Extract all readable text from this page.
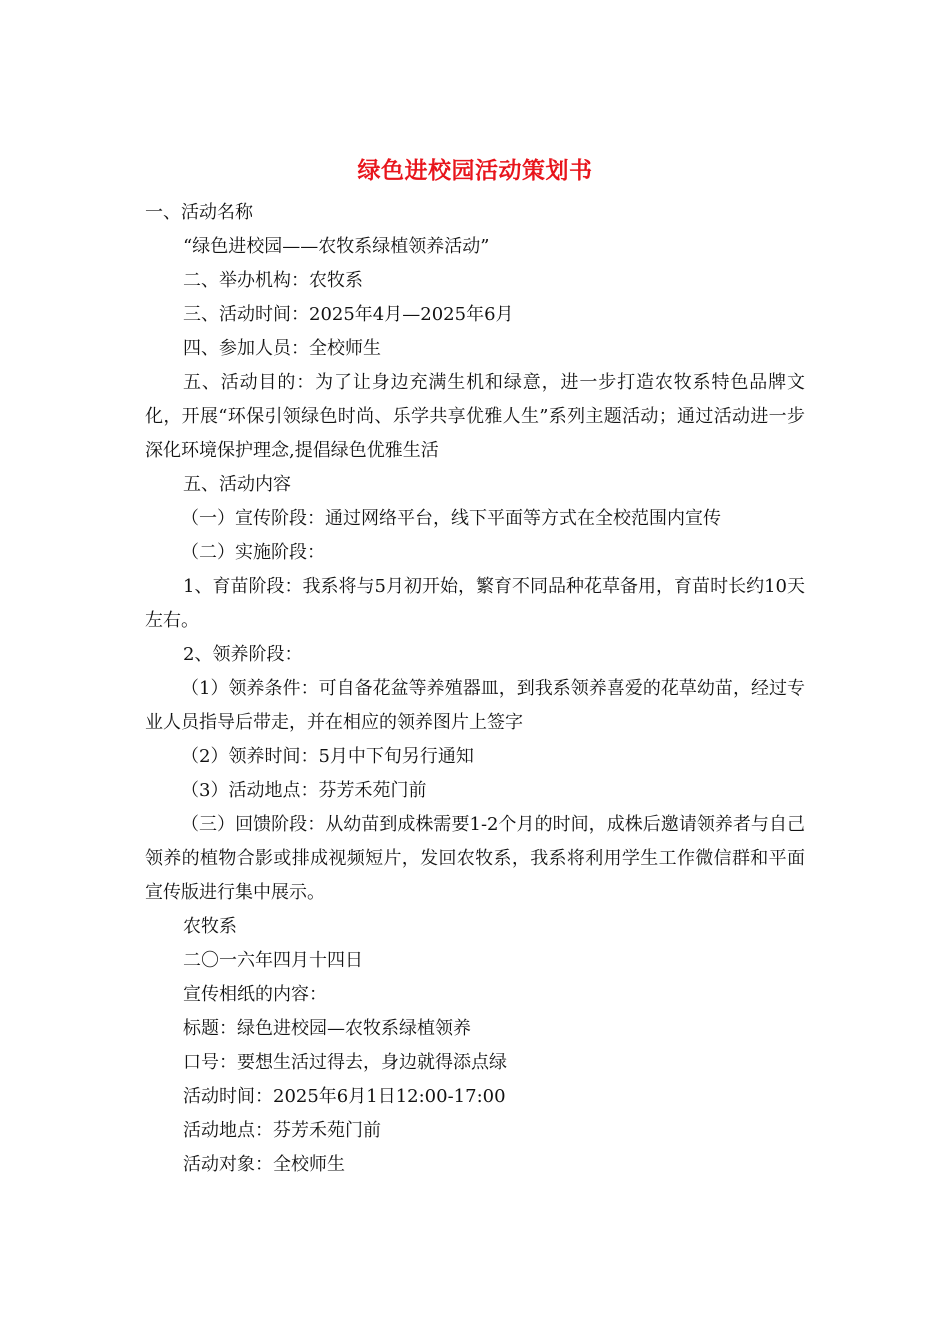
绿色进校园活动策划书

一、活动名称

“绿色进校园——农牧系绿植领养活动”

二、举办机构：农牧系

三、活动时间：2025年4月—2025年6月

四、参加人员：全校师生

五、活动目的：为了让身边充满生机和绿意，进一步打造农牧系特色品牌文化，开展“环保引领绿色时尚、乐学共享优雅人生”系列主题活动；通过活动进一步深化环境保护理念,提倡绿色优雅生活

五、活动内容

（一）宣传阶段：通过网络平台，线下平面等方式在全校范围内宣传

（二）实施阶段：

1、育苗阶段：我系将与5月初开始，繁育不同品种花草备用，育苗时长约10天左右。

2、领养阶段：

（1）领养条件：可自备花盆等养殖器皿，到我系领养喜爱的花草幼苗，经过专业人员指导后带走，并在相应的领养图片上签字

（2）领养时间：5月中下旬另行通知

（3）活动地点：芬芳禾苑门前

（三）回馈阶段：从幼苗到成株需要1-2个月的时间，成株后邀请领养者与自己领养的植物合影或排成视频短片，发回农牧系，我系将利用学生工作微信群和平面宣传版进行集中展示。

农牧系

二〇一六年四月十四日

宣传相纸的内容：

标题：绿色进校园—农牧系绿植领养

口号：要想生活过得去，身边就得添点绿

活动时间：2025年6月1日12:00-17:00

活动地点：芬芳禾苑门前

活动对象：全校师生
